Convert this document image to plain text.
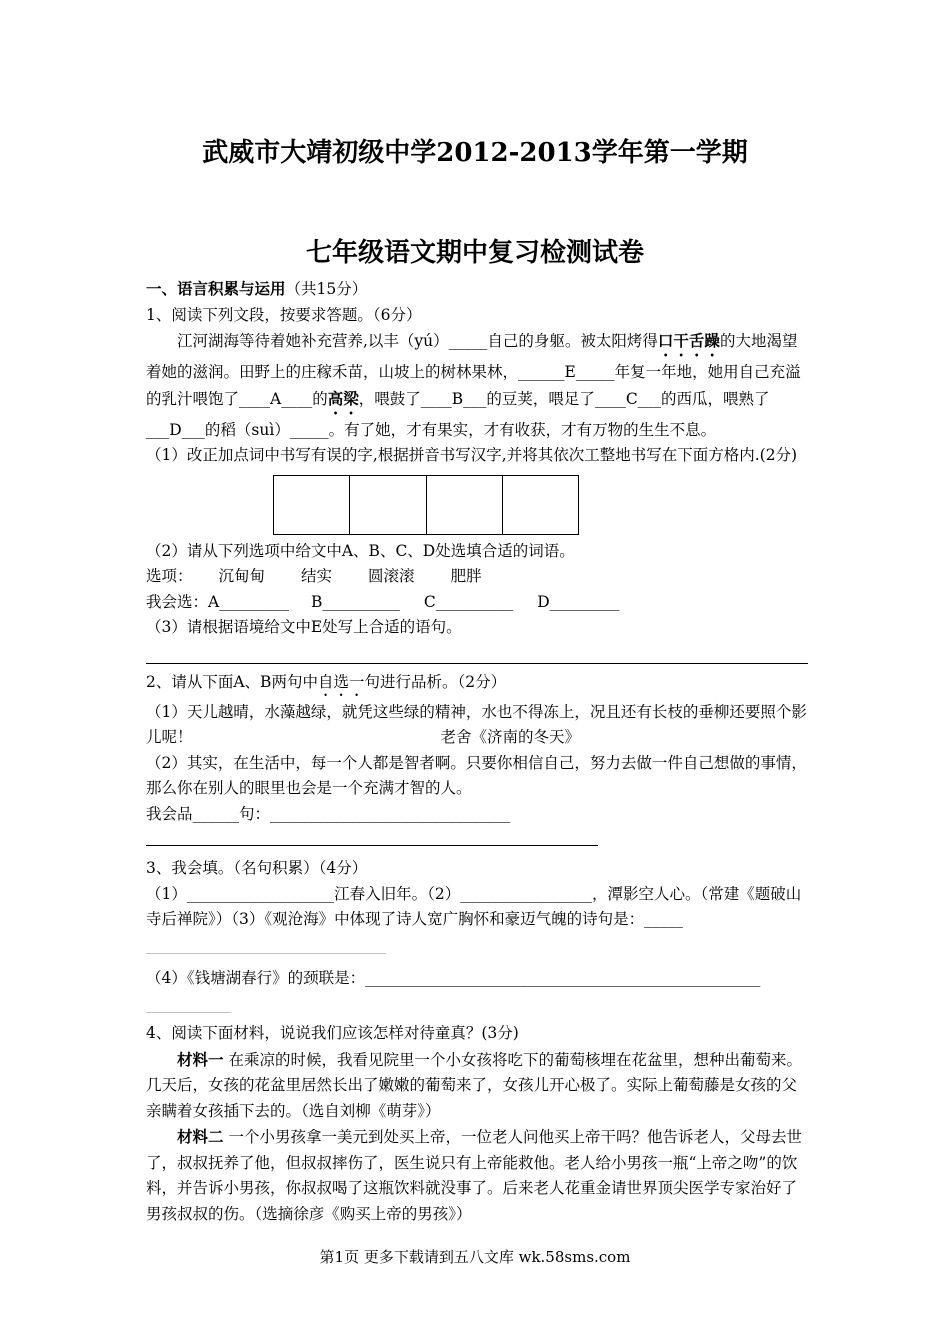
武威市大靖初级中学2012-2013学年第一学期
七年级语文期中复习检测试卷

一、语言积累与运用（共15分）

1、阅读下列文段，按要求答题。（6分）

江河湖海等待着她补充营养,以丰（yú）_____自己的身躯。被太阳烤得口干舌躁的大地渴望着她的滋润。田野上的庄稼禾苗，山坡上的树林果林，______E_____年复一年地，她用自己充溢的乳汁喂饱了____A____的高梁，喂鼓了____B___的豆荚，喂足了____C___的西瓜，喂熟了___D___的稻（suì）_____。有了她，才有果实，才有收获，才有万物的生生不息。

（1）改正加点词中书写有误的字,根据拼音书写汉字,并将其依次工整地书写在下面方格内.(2分)

（2）请从下列选项中给文中A、B、C、D处选填合适的词语。

选项： 沉甸甸 结实 圆滚滚 肥胖

我会选：A_________ B__________ C__________ D_________

（3）请根据语境给文中E处写上合适的语句。

2、请从下面A、B两句中自选一句进行品析。（2分）

（1）天儿越晴，水藻越绿，就凭这些绿的精神，水也不得冻上，况且还有长枝的垂柳还要照个影儿呢！	老舍《济南的冬天》

（2）其实，在生活中，每一个人都是智者啊。只要你相信自己，努力去做一件自己想做的事情，那么你在别人的眼里也会是一个充满才智的人。

我会品______句：_______________________________

3、我会填。（名句积累）（4分）

（1）___________________江春入旧年。（2）_________________，潭影空人心。（常建《题破山寺后禅院》）（3）《观沧海》中体现了诗人宽广胸怀和豪迈气魄的诗句是：_____

_______________________________

（4）《钱塘湖春行》的颈联是：___________________________________________________

___________

4、阅读下面材料，说说我们应该怎样对待童真？(3分)

材料一 在乘凉的时候，我看见院里一个小女孩将吃下的葡萄核埋在花盆里，想种出葡萄来。几天后，女孩的花盆里居然长出了嫩嫩的葡萄来了，女孩儿开心极了。实际上葡萄藤是女孩的父亲瞒着女孩插下去的。（选自刘柳《萌芽》）

材料二 一个小男孩拿一美元到处买上帝，一位老人问他买上帝干吗？他告诉老人，父母去世了，叔叔抚养了他，但叔叔摔伤了，医生说只有上帝能救他。老人给小男孩一瓶“上帝之吻”的饮料，并告诉小男孩，你叔叔喝了这瓶饮料就没事了。后来老人花重金请世界顶尖医学专家治好了男孩叔叔的伤。（选摘徐彦《购买上帝的男孩》）

第1页 更多下载请到五八文库 wk.58sms.com
